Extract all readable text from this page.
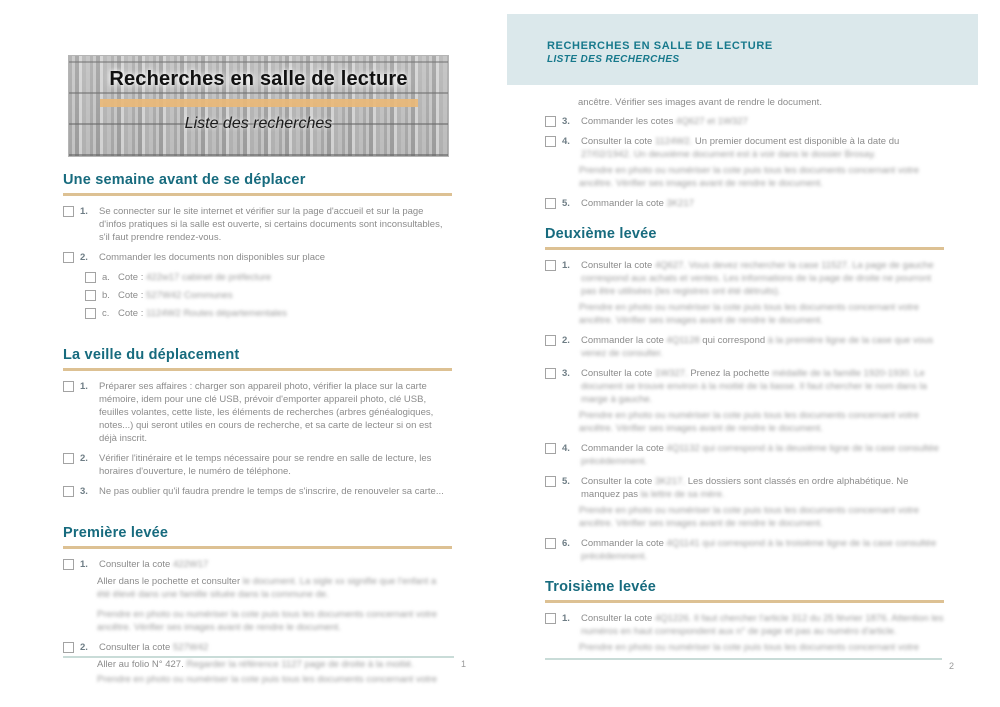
Recherches en salle de lecture
Liste des recherches
Une semaine avant de se déplacer
1.	Se connecter sur le site internet et vérifier sur la page d'accueil et sur la page d'infos pratiques si la salle est ouverte, si certains documents sont inconsultables, s'il faut prendre rendez-vous.
2.	Commander les documents non disponibles sur place
a. Cote : 422w17 cabinet de préfecture
b. Cote : 527W42 Communes
c. Cote : 1124W2 Routes départementales
La veille du déplacement
1.	Préparer ses affaires : charger son appareil photo, vérifier la place sur la carte mémoire, idem pour une clé USB, prévoir d'emporter appareil photo, clé USB, feuilles volantes, cette liste, les éléments de recherches (arbres généalogiques, notes...) qui seront utiles en cours de recherche, et sa carte de lecteur si on est déjà inscrit.
2.	Vérifier l'itinéraire et le temps nécessaire pour se rendre en salle de lecture, les horaires d'ouverture, le numéro de téléphone.
3.	Ne pas oublier qu'il faudra prendre le temps de s'inscrire, de renouveler sa carte...
Première levée
1.	Consulter la cote 422W17
Aller dans le pochette et consulter le document. La sigle xx signifie que l'enfant a été élevé dans une famille située dans la commune de.
Prendre en photo ou numériser la cote puis tous les documents concernant votre ancêtre. Vérifier ses images avant de rendre le document.
2.	Consulter la cote 527W42
Aller au folio N° 427. Regarder la référence 1127 page de droite à la moitié.
Prendre en photo ou numériser la cote puis tous les documents concernant votre
1
RECHERCHES EN SALLE DE LECTURE
LISTE DES RECHERCHES
ancêtre. Vérifier ses images avant de rendre le document.
3.	Commander les cotes 4Q627 et 1W327
4.	Consulter la cote 1124W2. Un premier document est disponible à la date du 27/02/1942. Un deuxième document est à voir dans le dossier Brosay.
Prendre en photo ou numériser la cote puis tous les documents concernant votre ancêtre. Vérifier ses images avant de rendre le document.
5.	Commander la cote 3K217
Deuxième levée
1.	Consulter la cote 4Q627. Vous devez rechercher la case 11527. La page de gauche correspond aux achats et ventes. Les informations de la page de droite ne pourront pas être utilisées (les registres ont été détruits).
Prendre en photo ou numériser la cote puis tous les documents concernant votre ancêtre. Vérifier ses images avant de rendre le document.
2.	Commander la cote 4Q1128 qui correspond à la première ligne de la case que vous venez de consulter.
3.	Consulter la cote 1W327. Prenez la pochette médaille de la famille 1920-1930. Le document se trouve environ à la moitié de la liasse. Il faut chercher le nom dans la marge à gauche.
Prendre en photo ou numériser la cote puis tous les documents concernant votre ancêtre. Vérifier ses images avant de rendre le document.
4.	Commander la cote 4Q1132 qui correspond à la deuxième ligne de la case consultée précédemment.
5.	Consulter la cote 3K217. Les dossiers sont classés en ordre alphabétique. Ne manquez pas la lettre de sa mère.
Prendre en photo ou numériser la cote puis tous les documents concernant votre ancêtre. Vérifier ses images avant de rendre le document.
6.	Commander la cote 4Q1141 qui correspond à la troisième ligne de la case consultée précédemment.
Troisième levée
1.	Consulter la cote 4Q1226. Il faut chercher l'article 312 du 25 février 1876. Attention les numéros en haut correspondent aux n° de page et pas au numéro d'article.
Prendre en photo ou numériser la cote puis tous les documents concernant votre
2
